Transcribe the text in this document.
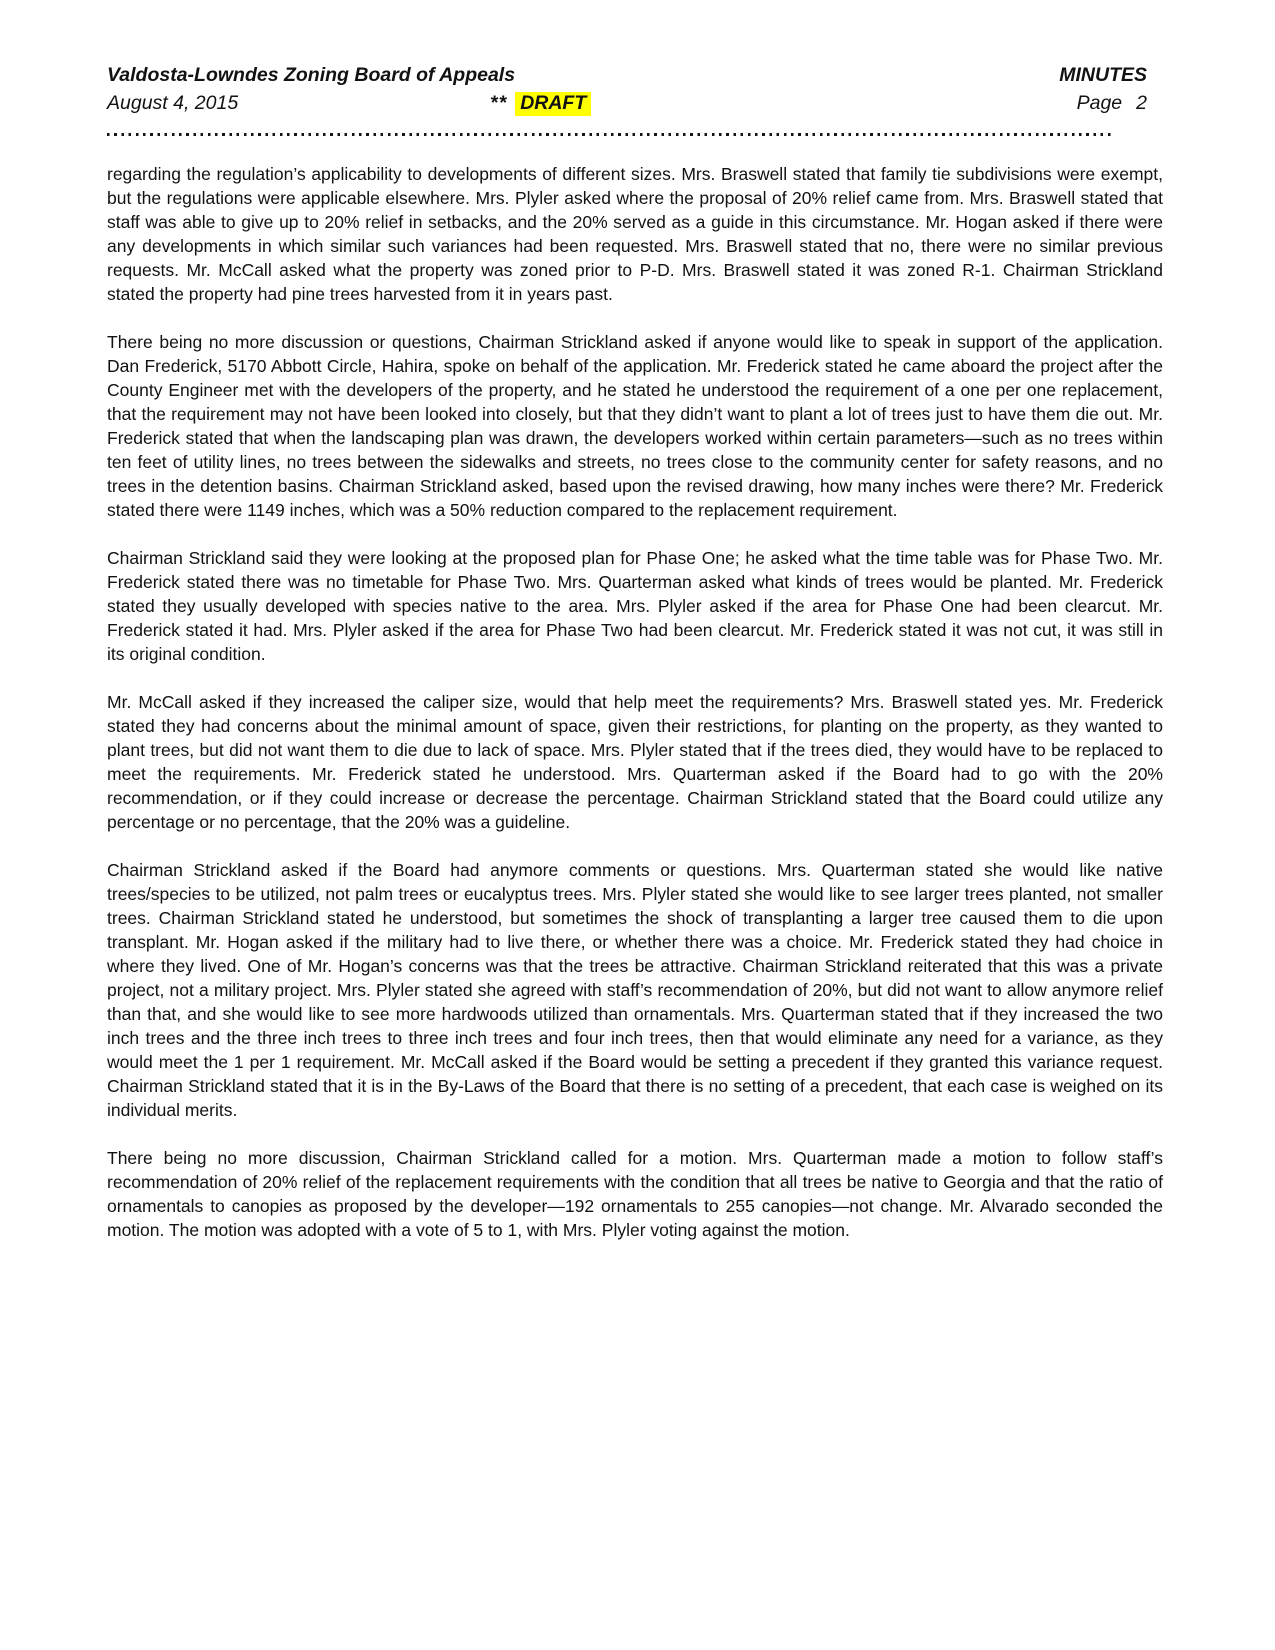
Valdosta-Lowndes Zoning Board of Appeals	MINUTES
August 4, 2015	** DRAFT	Page 2

regarding the regulation’s applicability to developments of different sizes. Mrs. Braswell stated that family tie subdivisions were exempt, but the regulations were applicable elsewhere. Mrs. Plyler asked where the proposal of 20% relief came from. Mrs. Braswell stated that staff was able to give up to 20% relief in setbacks, and the 20% served as a guide in this circumstance. Mr. Hogan asked if there were any developments in which similar such variances had been requested. Mrs. Braswell stated that no, there were no similar previous requests. Mr. McCall asked what the property was zoned prior to P-D. Mrs. Braswell stated it was zoned R-1. Chairman Strickland stated the property had pine trees harvested from it in years past.

There being no more discussion or questions, Chairman Strickland asked if anyone would like to speak in support of the application. Dan Frederick, 5170 Abbott Circle, Hahira, spoke on behalf of the application. Mr. Frederick stated he came aboard the project after the County Engineer met with the developers of the property, and he stated he understood the requirement of a one per one replacement, that the requirement may not have been looked into closely, but that they didn’t want to plant a lot of trees just to have them die out. Mr. Frederick stated that when the landscaping plan was drawn, the developers worked within certain parameters—such as no trees within ten feet of utility lines, no trees between the sidewalks and streets, no trees close to the community center for safety reasons, and no trees in the detention basins. Chairman Strickland asked, based upon the revised drawing, how many inches were there? Mr. Frederick stated there were 1149 inches, which was a 50% reduction compared to the replacement requirement.

Chairman Strickland said they were looking at the proposed plan for Phase One; he asked what the time table was for Phase Two. Mr. Frederick stated there was no timetable for Phase Two. Mrs. Quarterman asked what kinds of trees would be planted. Mr. Frederick stated they usually developed with species native to the area. Mrs. Plyler asked if the area for Phase One had been clearcut. Mr. Frederick stated it had. Mrs. Plyler asked if the area for Phase Two had been clearcut. Mr. Frederick stated it was not cut, it was still in its original condition.

Mr. McCall asked if they increased the caliper size, would that help meet the requirements? Mrs. Braswell stated yes. Mr. Frederick stated they had concerns about the minimal amount of space, given their restrictions, for planting on the property, as they wanted to plant trees, but did not want them to die due to lack of space. Mrs. Plyler stated that if the trees died, they would have to be replaced to meet the requirements. Mr. Frederick stated he understood. Mrs. Quarterman asked if the Board had to go with the 20% recommendation, or if they could increase or decrease the percentage. Chairman Strickland stated that the Board could utilize any percentage or no percentage, that the 20% was a guideline.

Chairman Strickland asked if the Board had anymore comments or questions. Mrs. Quarterman stated she would like native trees/species to be utilized, not palm trees or eucalyptus trees. Mrs. Plyler stated she would like to see larger trees planted, not smaller trees. Chairman Strickland stated he understood, but sometimes the shock of transplanting a larger tree caused them to die upon transplant. Mr. Hogan asked if the military had to live there, or whether there was a choice. Mr. Frederick stated they had choice in where they lived. One of Mr. Hogan’s concerns was that the trees be attractive. Chairman Strickland reiterated that this was a private project, not a military project. Mrs. Plyler stated she agreed with staff’s recommendation of 20%, but did not want to allow anymore relief than that, and she would like to see more hardwoods utilized than ornamentals. Mrs. Quarterman stated that if they increased the two inch trees and the three inch trees to three inch trees and four inch trees, then that would eliminate any need for a variance, as they would meet the 1 per 1 requirement. Mr. McCall asked if the Board would be setting a precedent if they granted this variance request. Chairman Strickland stated that it is in the By-Laws of the Board that there is no setting of a precedent, that each case is weighed on its individual merits.

There being no more discussion, Chairman Strickland called for a motion. Mrs. Quarterman made a motion to follow staff’s recommendation of 20% relief of the replacement requirements with the condition that all trees be native to Georgia and that the ratio of ornamentals to canopies as proposed by the developer—192 ornamentals to 255 canopies—not change. Mr. Alvarado seconded the motion. The motion was adopted with a vote of 5 to 1, with Mrs. Plyler voting against the motion.
